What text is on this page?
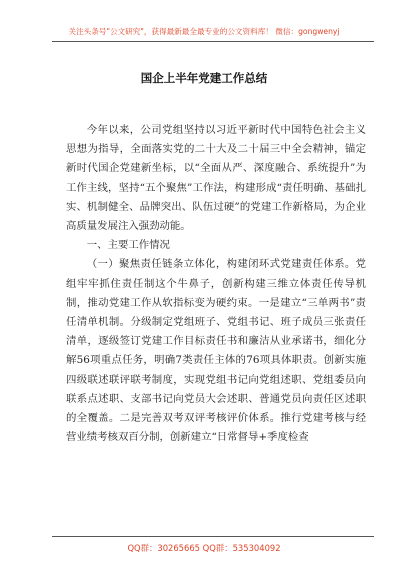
关注头条号"公文研究"，获得最新最全最专业的公文资料库！ 微信：gongwenyj
国企上半年党建工作总结

今年以来，公司党组坚持以习近平新时代中国特色社会主义思想为指导，全面落实党的二十大及二十届三中全会精神，锚定新时代国企党建新坐标，以“全面从严、深度融合、系统提升”为工作主线，坚持“五个聚焦”工作法，构建形成“责任明确、基础扎实、机制健全、品牌突出、队伍过硬”的党建工作新格局，为企业高质量发展注入强劲动能。

一、主要工作情况

（一）聚焦责任链条立体化，构建闭环式党建责任体系。党组牢牢抓住责任制这个牛鼻子，创新构建三维立体责任传导机制，推动党建工作从软指标变为硬约束。一是建立“三单两书”责任清单机制。分级制定党组班子、党组书记、班子成员三张责任清单，逐级签订党建工作目标责任书和廉洁从业承诺书，细化分解56项重点任务，明确7类责任主体的76项具体职责。创新实施四级联述联评联考制度，实现党组书记向党组述职、党组委员向联系点述职、支部书记向党员大会述职、普通党员向责任区述职的全覆盖。二是完善双考双评考核评价体系。推行党建考核与经营业绩考核双百分制，创新建立“日常督导+季度检查

QQ群：30265665 QQ群：535304092
